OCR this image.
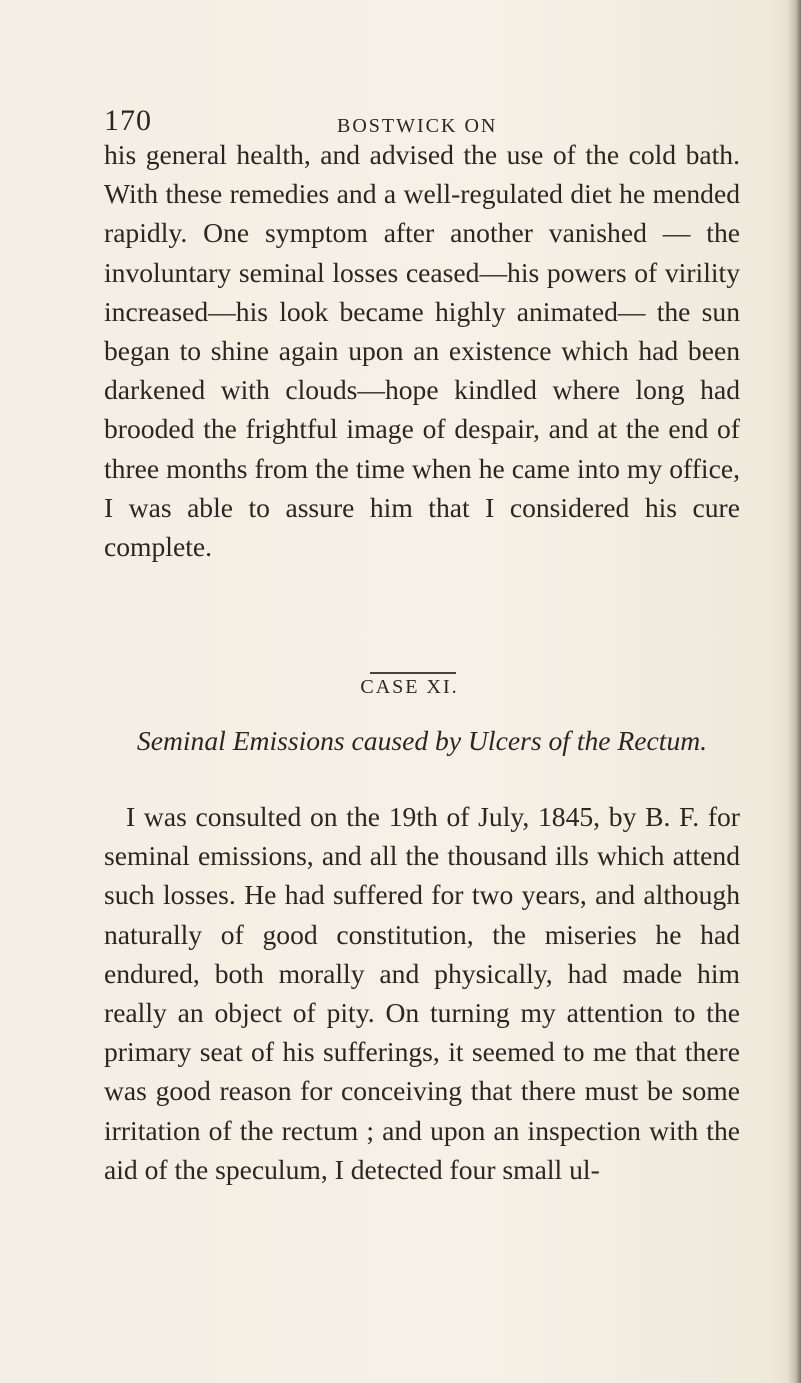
170	BOSTWICK ON

his general health, and advised the use of the cold bath. With these remedies and a well-regulated diet he mended rapidly. One symptom after another vanished — the involuntary seminal losses ceased—his powers of virility increased—his look became highly animated— the sun began to shine again upon an existence which had been darkened with clouds—hope kindled where long had brooded the frightful image of despair, and at the end of three months from the time when he came into my office, I was able to assure him that I considered his cure complete.

CASE XI.
Seminal Emissions caused by Ulcers of the Rectum.

I was consulted on the 19th of July, 1845, by B. F. for seminal emissions, and all the thousand ills which attend such losses. He had suffered for two years, and although naturally of good constitution, the miseries he had endured, both morally and physically, had made him really an object of pity. On turning my attention to the primary seat of his sufferings, it seemed to me that there was good reason for conceiving that there must be some irritation of the rectum ; and upon an inspection with the aid of the speculum, I detected four small ul-
